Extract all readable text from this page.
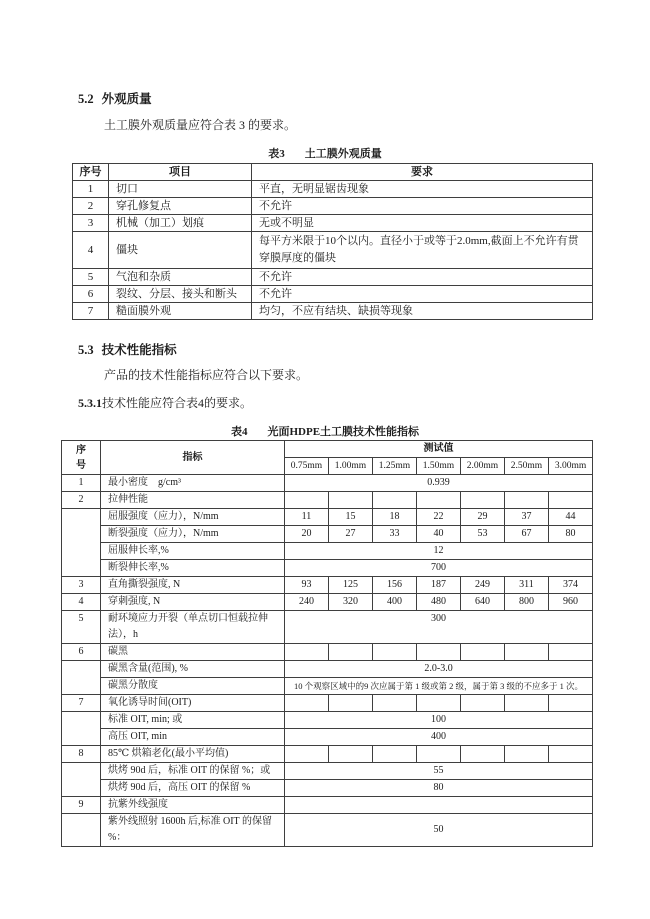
5.2 外观质量
土工膜外观质量应符合表 3 的要求。
表3 土工膜外观质量
序号	项目	要求
1	切口	平直，无明显锯齿现象
2	穿孔修复点	不允许
3	机械（加工）划痕	无或不明显
4	僵块	每平方米限于10个以内。直径小于或等于2.0mm,截面上不允许有贯穿膜厚度的僵块
5	气泡和杂质	不允许
6	裂纹、分层、接头和断头	不允许
7	糙面膜外观	均匀，不应有结块、缺损等现象
5.3 技术性能指标
产品的技术性能指标应符合以下要求。
5.3.1技术性能应符合表4的要求。
表4 光面HDPE土工膜技术性能指标
序
号	指标	测试值						
		0.75mm	1.00mm	1.25mm	1.50mm	2.00mm	2.50mm	3.00mm
1	最小密度　g/cm³	0.939						
2	拉伸性能							
	屈服强度（应力），N/mm	11	15	18	22	29	37	44
	断裂强度（应力），N/mm	20	27	33	40	53	67	80
	屈服伸长率,%	12						
	断裂伸长率,%	700						
3	直角撕裂强度, N	93	125	156	187	249	311	374
4	穿刺强度, N	240	320	400	480	640	800	960
5	耐环境应力开裂（单点切口恒载拉伸法），h	300						
6	碳黑							
	碳黑含量(范围), %	2.0-3.0						
	碳黑分散度	10 个观察区域中的9 次应属于第 1 级或第 2 级，属于第 3 级的不应多于 1 次。						
7	氧化诱导时间(OIT)							
	标准 OIT, min; 或	100						
	高压 OIT, min	400						
8	85℃ 烘箱老化(最小平均值)							
	烘烤 90d 后，标准 OIT 的保留 %；或	55						
	烘烤 90d 后，高压 OIT 的保留 %	80						
9	抗紫外线强度							
	紫外线照射 1600h 后,标准 OIT 的保留 %：	50						
